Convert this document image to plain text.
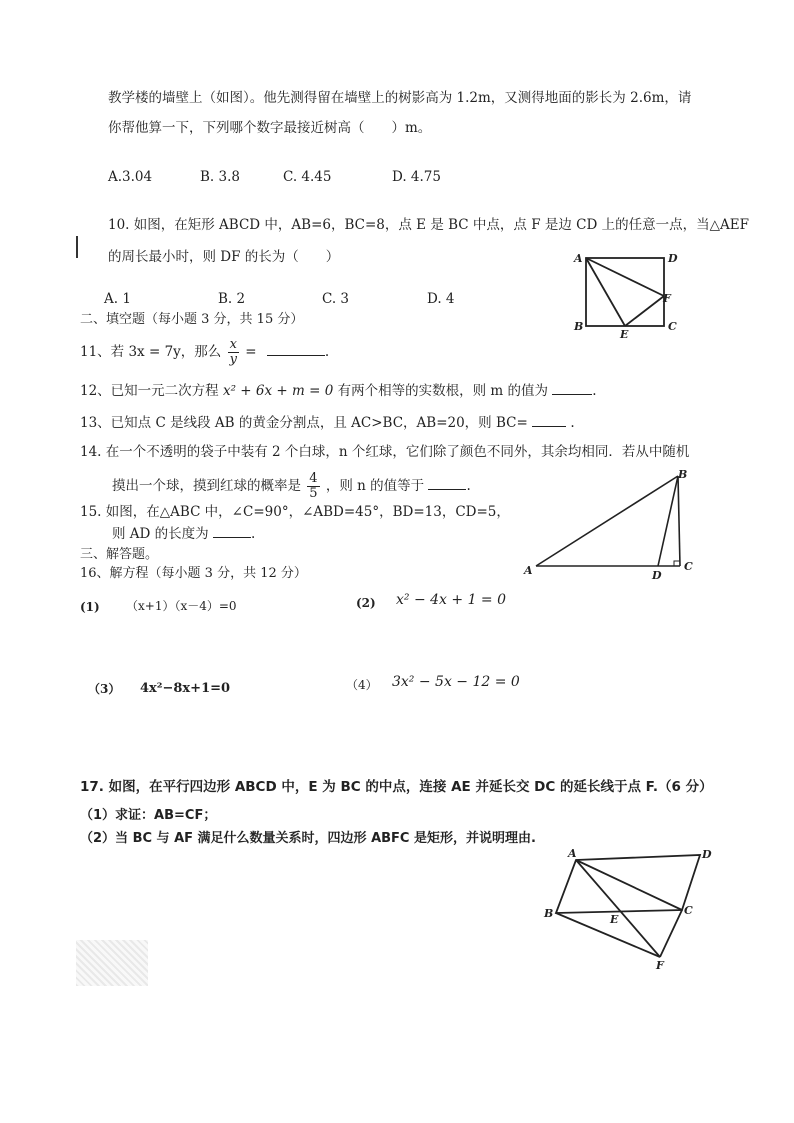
教学楼的墙壁上（如图）。他先测得留在墙壁上的树影高为 1.2m，又测得地面的影长为 2.6m，请
你帮他算一下，下列哪个数字最接近树高（　　）m。
A.3.04	B. 3.8	C. 4.45	D. 4.75
10. 如图，在矩形 ABCD 中，AB=6，BC=8，点 E 是 BC 中点，点 F 是边 CD 上的任意一点，当△AEF
的周长最小时，则 DF 的长为（　　）
A. 1	B. 2	C. 3	D. 4
A	D
F
B
E
C
二、填空题（每小题 3 分，共 15 分）
11、若 3x = 7y，那么 $\frac{x}{y}$ =	.
12、已知一元二次方程 x² + 6x + m = 0 有两个相等的实数根，则 m 的值为	.
13、已知点 C 是线段 AB 的黄金分割点，且 AC>BC，AB=20，则 BC=	.
14. 在一个不透明的袋子中装有 2 个白球，n 个红球，它们除了颜色不同外，其余均相同．若从中随机
摸出一个球，摸到红球的概率是 $\frac{4}{5}$ ，则 n 的值等于	.
15. 如图，在△ABC 中，∠C=90°，∠ABD=45°，BD=13，CD=5，
则 AD 的长度为	.
B
A	D
C
三、解答题。
16、解方程（每小题 3 分，共 12 分）
(1) （x+1）（x－4）=0	(2) x² − 4x + 1 = 0
（3） 4x²−8x+1=0	（4） 3x² − 5x − 12 = 0
17. 如图，在平行四边形 ABCD 中，E 为 BC 的中点，连接 AE 并延长交 DC 的延长线于点 F.（6 分）
（1）求证：AB=CF；
（2）当 BC 与 AF 满足什么数量关系时，四边形 ABFC 是矩形，并说明理由.
A	D
B	E
C
F
